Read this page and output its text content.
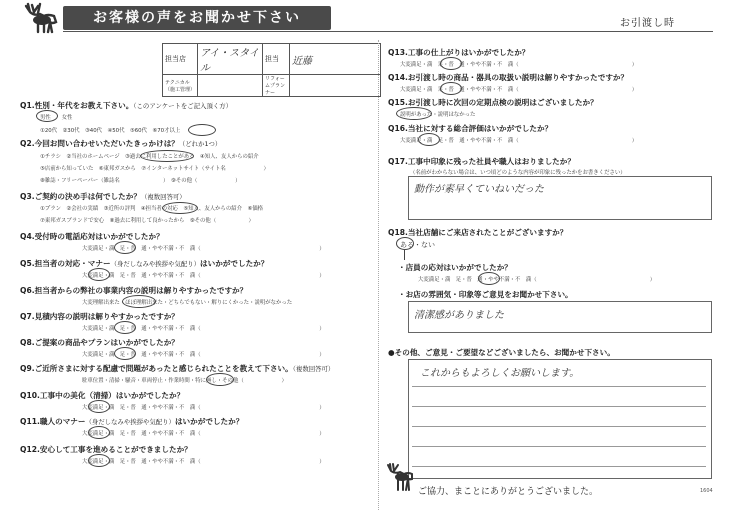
お客様の声をお聞かせ下さい	お引渡し時
担当店	アイ・スタイル	担当	近藤
テクニカル（施工管理）		リフォームプランナー	
Q1.性別・年代をお教え下さい。（このアンケートをご記入頂く方）
男性　　女性
①20代　②30代　③40代　④50代　⑤60代　⑥70才以上
Q2.今回お問い合わせいただいたきっかけは？（どれか1つ）
①チラシ　②当社のホームページ　③過去に利用したことがある　④知人、友人からの紹介
⑤店前から知っていた　⑥東邦ガスから　⑦インターネットサイト（サイト名　　　　　　　）
⑧雑誌・フリーペーパー（雑誌名　　　　　　　　）　⑨その他（　　　　　　　）
Q3.ご契約の決め手は何でしたか？（複数回答可）
①プラン　②会社の実績　③近所の評判　④担当者の対応　⑤知人、友人からの紹介　⑥価格
⑦東邦ガスブランドで安心　⑧過去に利用して良かったから　⑨その他（　　　　　　）
Q4.受付時の電話応対はいかがでしたか？
大変満足・満　足・普　通・やや不満・不　満（　　　　　　　　　　　　　　　　　　　　　　）
Q5.担当者の対応・マナー（身だしなみや挨拶や気配り）はいかがでしたか？
大変満足・満　足・普　通・やや不満・不　満（　　　　　　　　　　　　　　　　　　　　　　）
Q6.担当者からの弊社の事業内容の説明は解りやすかったですか？
大変理解出来た・ほぼ理解出来た・どちらでもない・解りにくかった・説明がなかった
Q7.見積内容の説明は解りやすかったですか？
大変満足・満　足・普　通・やや不満・不　満（　　　　　　　　　　　　　　　　　　　　　　）
Q8.ご提案の商品やプランはいかがでしたか？
大変満足・満　足・普　通・やや不満・不　満（　　　　　　　　　　　　　　　　　　　　　　）
Q9.ご近所さまに対する配慮で問題があったと感じられたことを教えて下さい。（複数回答可）
駐車位置・清掃・騒音・車両停止・作業時間・特に無し・その他（　　　　　　　）
Q10.工事中の美化（清掃）はいかがでしたか？
大変満足・満　足・普　通・やや不満・不　満（　　　　　　　　　　　　　　　　　　　　　　）
Q11.職人のマナー（身だしなみや挨拶や気配り）はいかがでしたか？
大変満足・満　足・普　通・やや不満・不　満（　　　　　　　　　　　　　　　　　　　　　　）
Q12.安心して工事を進めることができましたか？
大変満足・満　足・普　通・やや不満・不　満（　　　　　　　　　　　　　　　　　　　　　　）
Q13.工事の仕上がりはいかがでしたか？
大変満足・満　足・普　通・やや不満・不　満（　　　　　　　　　　　　　　　　　　　　　）
Q14.お引渡し時の商品・器具の取扱い説明は解りやすかったですか？
大変満足・満　足・普　通・やや不満・不　満（　　　　　　　　　　　　　　　　　　　　　）
Q15.お引渡し時に次回の定期点検の説明はございましたか？
説明があった・説明はなかった
Q16.当社に対する総合評価はいかがでしたか？
大変満足・満　足・普　通・やや不満・不　満（　　　　　　　　　　　　　　　　　　　　　）
Q17.工事中印象に残った社員や職人はおりましたか？
（名前がわからない場合は、いつ頃どのような内容が印象に残ったかをお書きください）
動作が素早くていねいだった
Q18.当社店舗にご来店されたことがございますか？
ある・ない
・店員の応対はいかがでしたか？
大変満足・満　足・普　通・やや不満・不　満（　　　　　　　　　　　　　　　　　　　　　）
・お店の雰囲気・印象等ご意見をお聞かせ下さい。
清潔感がありました
●その他、ご意見・ご要望などございましたら、お聞かせ下さい。
これからもよろしくお願いします。
ご協力、まことにありがとうございました。	1604
